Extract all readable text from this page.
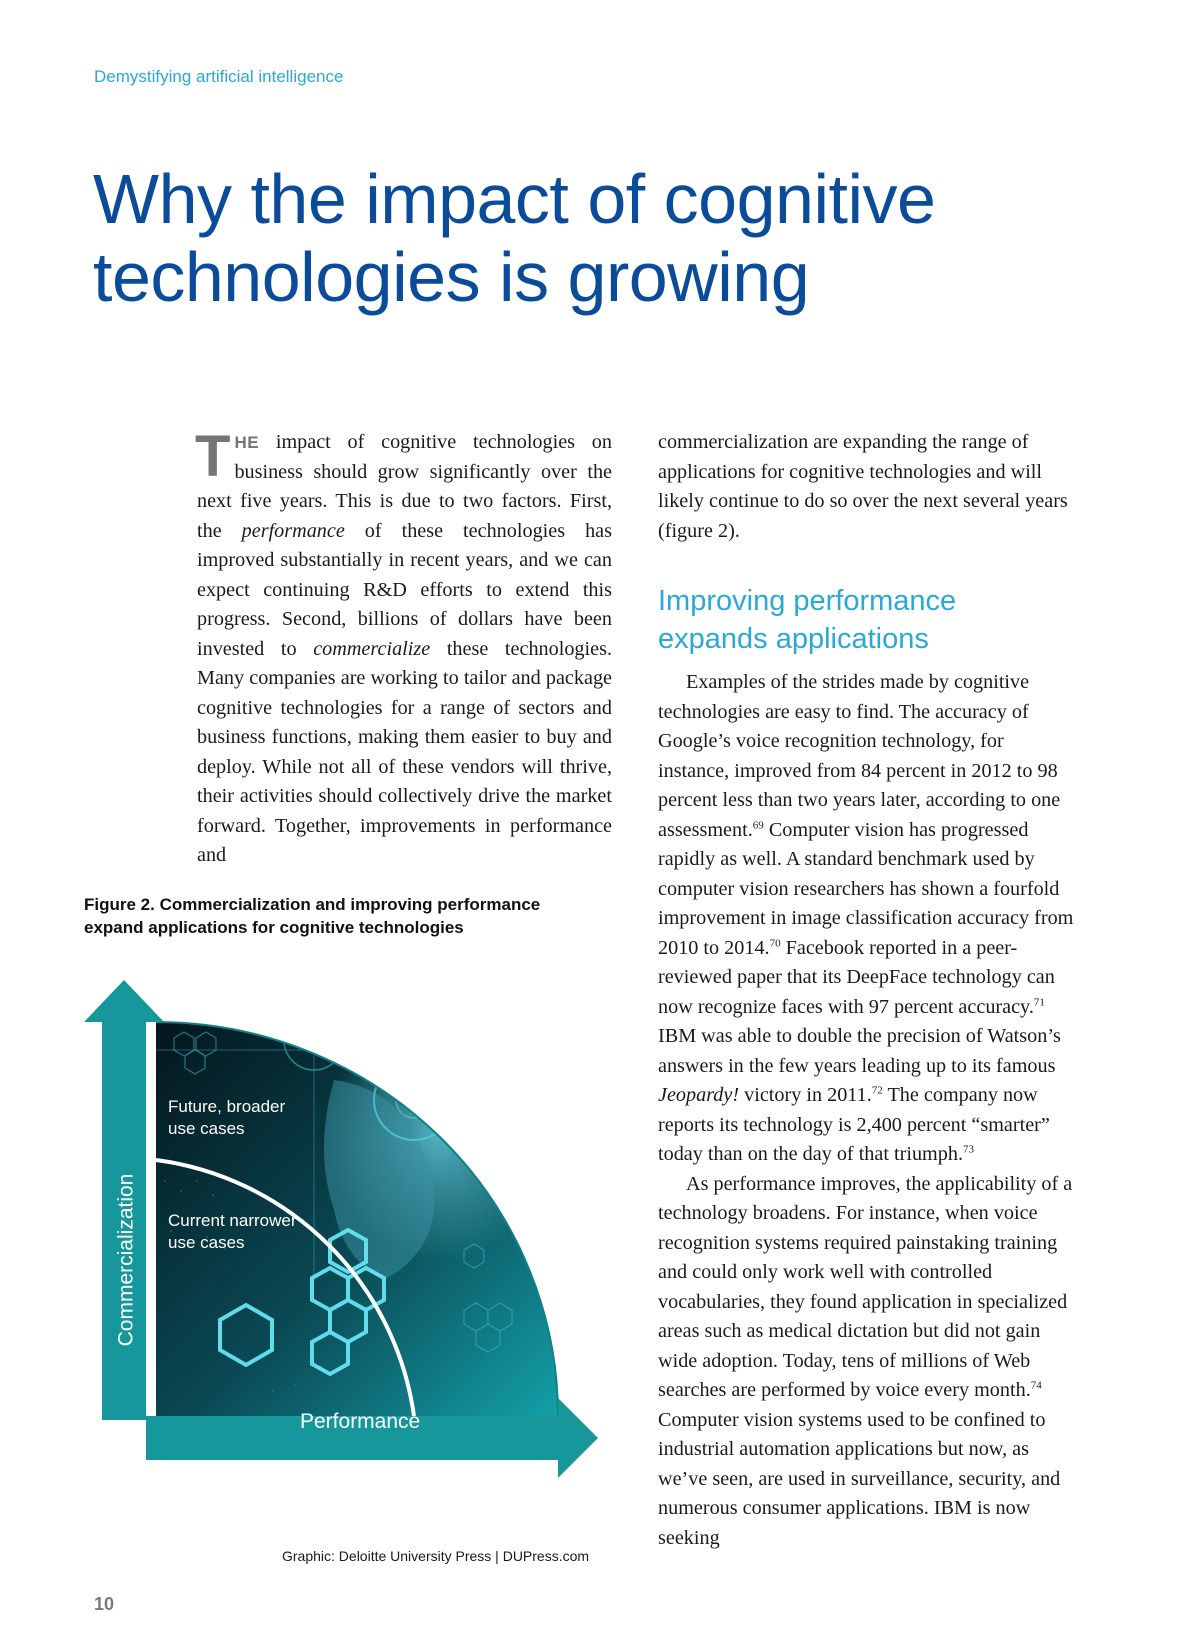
Demystifying artificial intelligence
Why the impact of cognitive
technologies is growing

THE impact of cognitive technologies on business should grow significantly over the next five years. This is due to two factors. First, the performance of these technologies has improved substantially in recent years, and we can expect continuing R&D efforts to extend this progress. Second, billions of dollars have been invested to commercialize these technologies. Many companies are working to tailor and package cognitive technologies for a range of sectors and business functions, making them easier to buy and deploy. While not all of these vendors will thrive, their activities should collectively drive the market forward. Together, improvements in performance and

commercialization are expanding the range of applications for cognitive technologies and will likely continue to do so over the next several years (figure 2).

Improving performance
expands applications

Examples of the strides made by cognitive technologies are easy to find. The accuracy of Google’s voice recognition technology, for instance, improved from 84 percent in 2012 to 98 percent less than two years later, according to one assessment.$^{69}$ Computer vision has progressed rapidly as well. A standard benchmark used by computer vision researchers has shown a fourfold improvement in image classification accuracy from 2010 to 2014.70 Facebook reported in a peer-reviewed paper that its DeepFace technology can now recognize faces with 97 percent accuracy.$^{71}$ IBM was able to double the precision of Watson’s answers in the few years leading up to its famous Jeopardy! victory in 2011.72 The company now reports its technology is 2,400 percent “smarter” today than on the day of that triumph.$^{73}$

As performance improves, the applicability of a technology broadens. For instance, when voice recognition systems required painstaking training and could only work well with controlled vocabularies, they found application in specialized areas such as medical dictation but did not gain wide adoption. Today, tens of millions of Web searches are performed by voice every month.$^{74}$ Computer vision systems used to be confined to industrial automation applications but now, as we’ve seen, are used in surveillance, security, and numerous consumer applications. IBM is now seeking

Figure 2. Commercialization and improving performance
expand applications for cognitive technologies
Commercialization
Performance
Future, broader
use cases
Current narrower
use cases
Graphic: Deloitte University Press | DUPress.com
10
